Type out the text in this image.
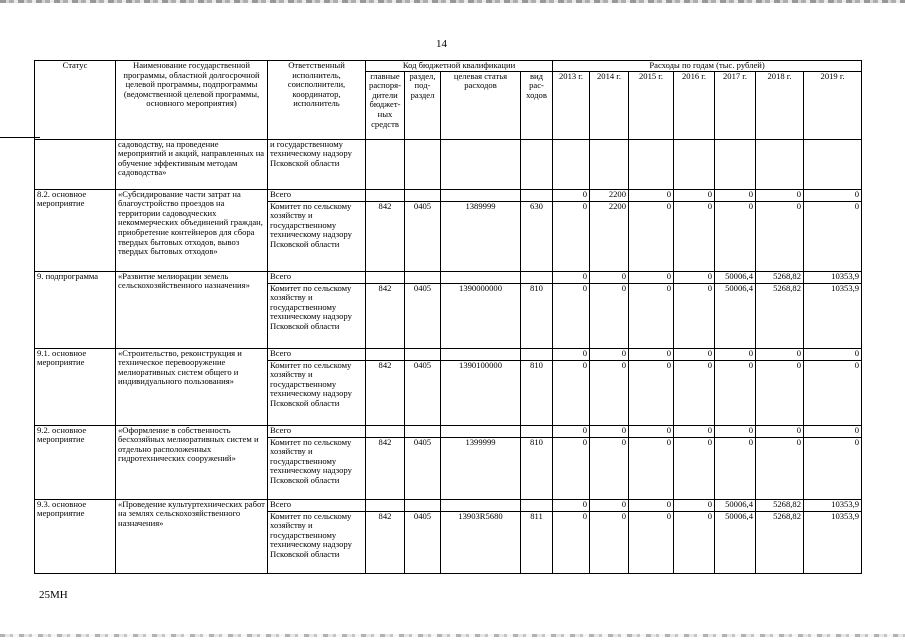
14
Статус	Наименование государственной программы, областной долгосрочной целевой программы, подпрограммы (ведомственной целевой программы, основного мероприятия)	Ответственный исполнитель, соисполнители, координатор, исполнитель	Код бюджетной квалификации				Расходы по годам (тыс. рублей)						
			главные распоря-дители бюджет-ных средств	раздел, под-раздел	целевая статья расходов	вид рас-ходов	2013 г.	2014 г.	2015 г.	2016 г.	2017 г.	2018 г.	2019 г.
	садоводству, на проведение мероприятий и акций, направленных на обучение эффективным методам садоводства»	и государственному техническому надзору Псковской области											
8.2. основное мероприятие	«Субсидирование части затрат на благоустройство проездов на территории садоводческих некоммерческих объединений граждан, приобретение контейнеров для сбора твердых бытовых отходов, вывоз твердых бытовых отходов»	Всего					0	2200	0	0	0	0	0
		Комитет по сельскому хозяйству и государственному техническому надзору Псковской области	842	0405	1389999	630	0	2200	0	0	0	0	0
9. подпрограмма	«Развитие мелиорации земель сельскохозяйственного назначения»	Всего					0	0	0	0	50006,4	5268,82	10353,9
		Комитет по сельскому хозяйству и государственному техническому надзору Псковской области	842	0405	1390000000	810	0	0	0	0	50006,4	5268,82	10353,9
9.1. основное мероприятие	«Строительство, реконструкция и техническое перевооружение мелиоративных систем общего и индивидуального пользования»	Всего					0	0	0	0	0	0	0
		Комитет по сельскому хозяйству и государственному техническому надзору Псковской области	842	0405	1390100000	810	0	0	0	0	0	0	0
9.2. основное мероприятие	«Оформление в собственность бесхозяйных мелиоративных систем и отдельно расположенных гидротехнических сооружений»	Всего					0	0	0	0	0	0	0
		Комитет по сельскому хозяйству и государственному техническому надзору Псковской области	842	0405	1399999	810	0	0	0	0	0	0	0
9.3. основное мероприятие	«Проведение культуртехнических работ на землях сельскохозяйственного назначения»	Всего					0	0	0	0	50006,4	5268,82	10353,9
		Комитет по сельскому хозяйству и государственному техническому надзору Псковской области	842	0405	13903R5680	811	0	0	0	0	50006,4	5268,82	10353,9
25МН
